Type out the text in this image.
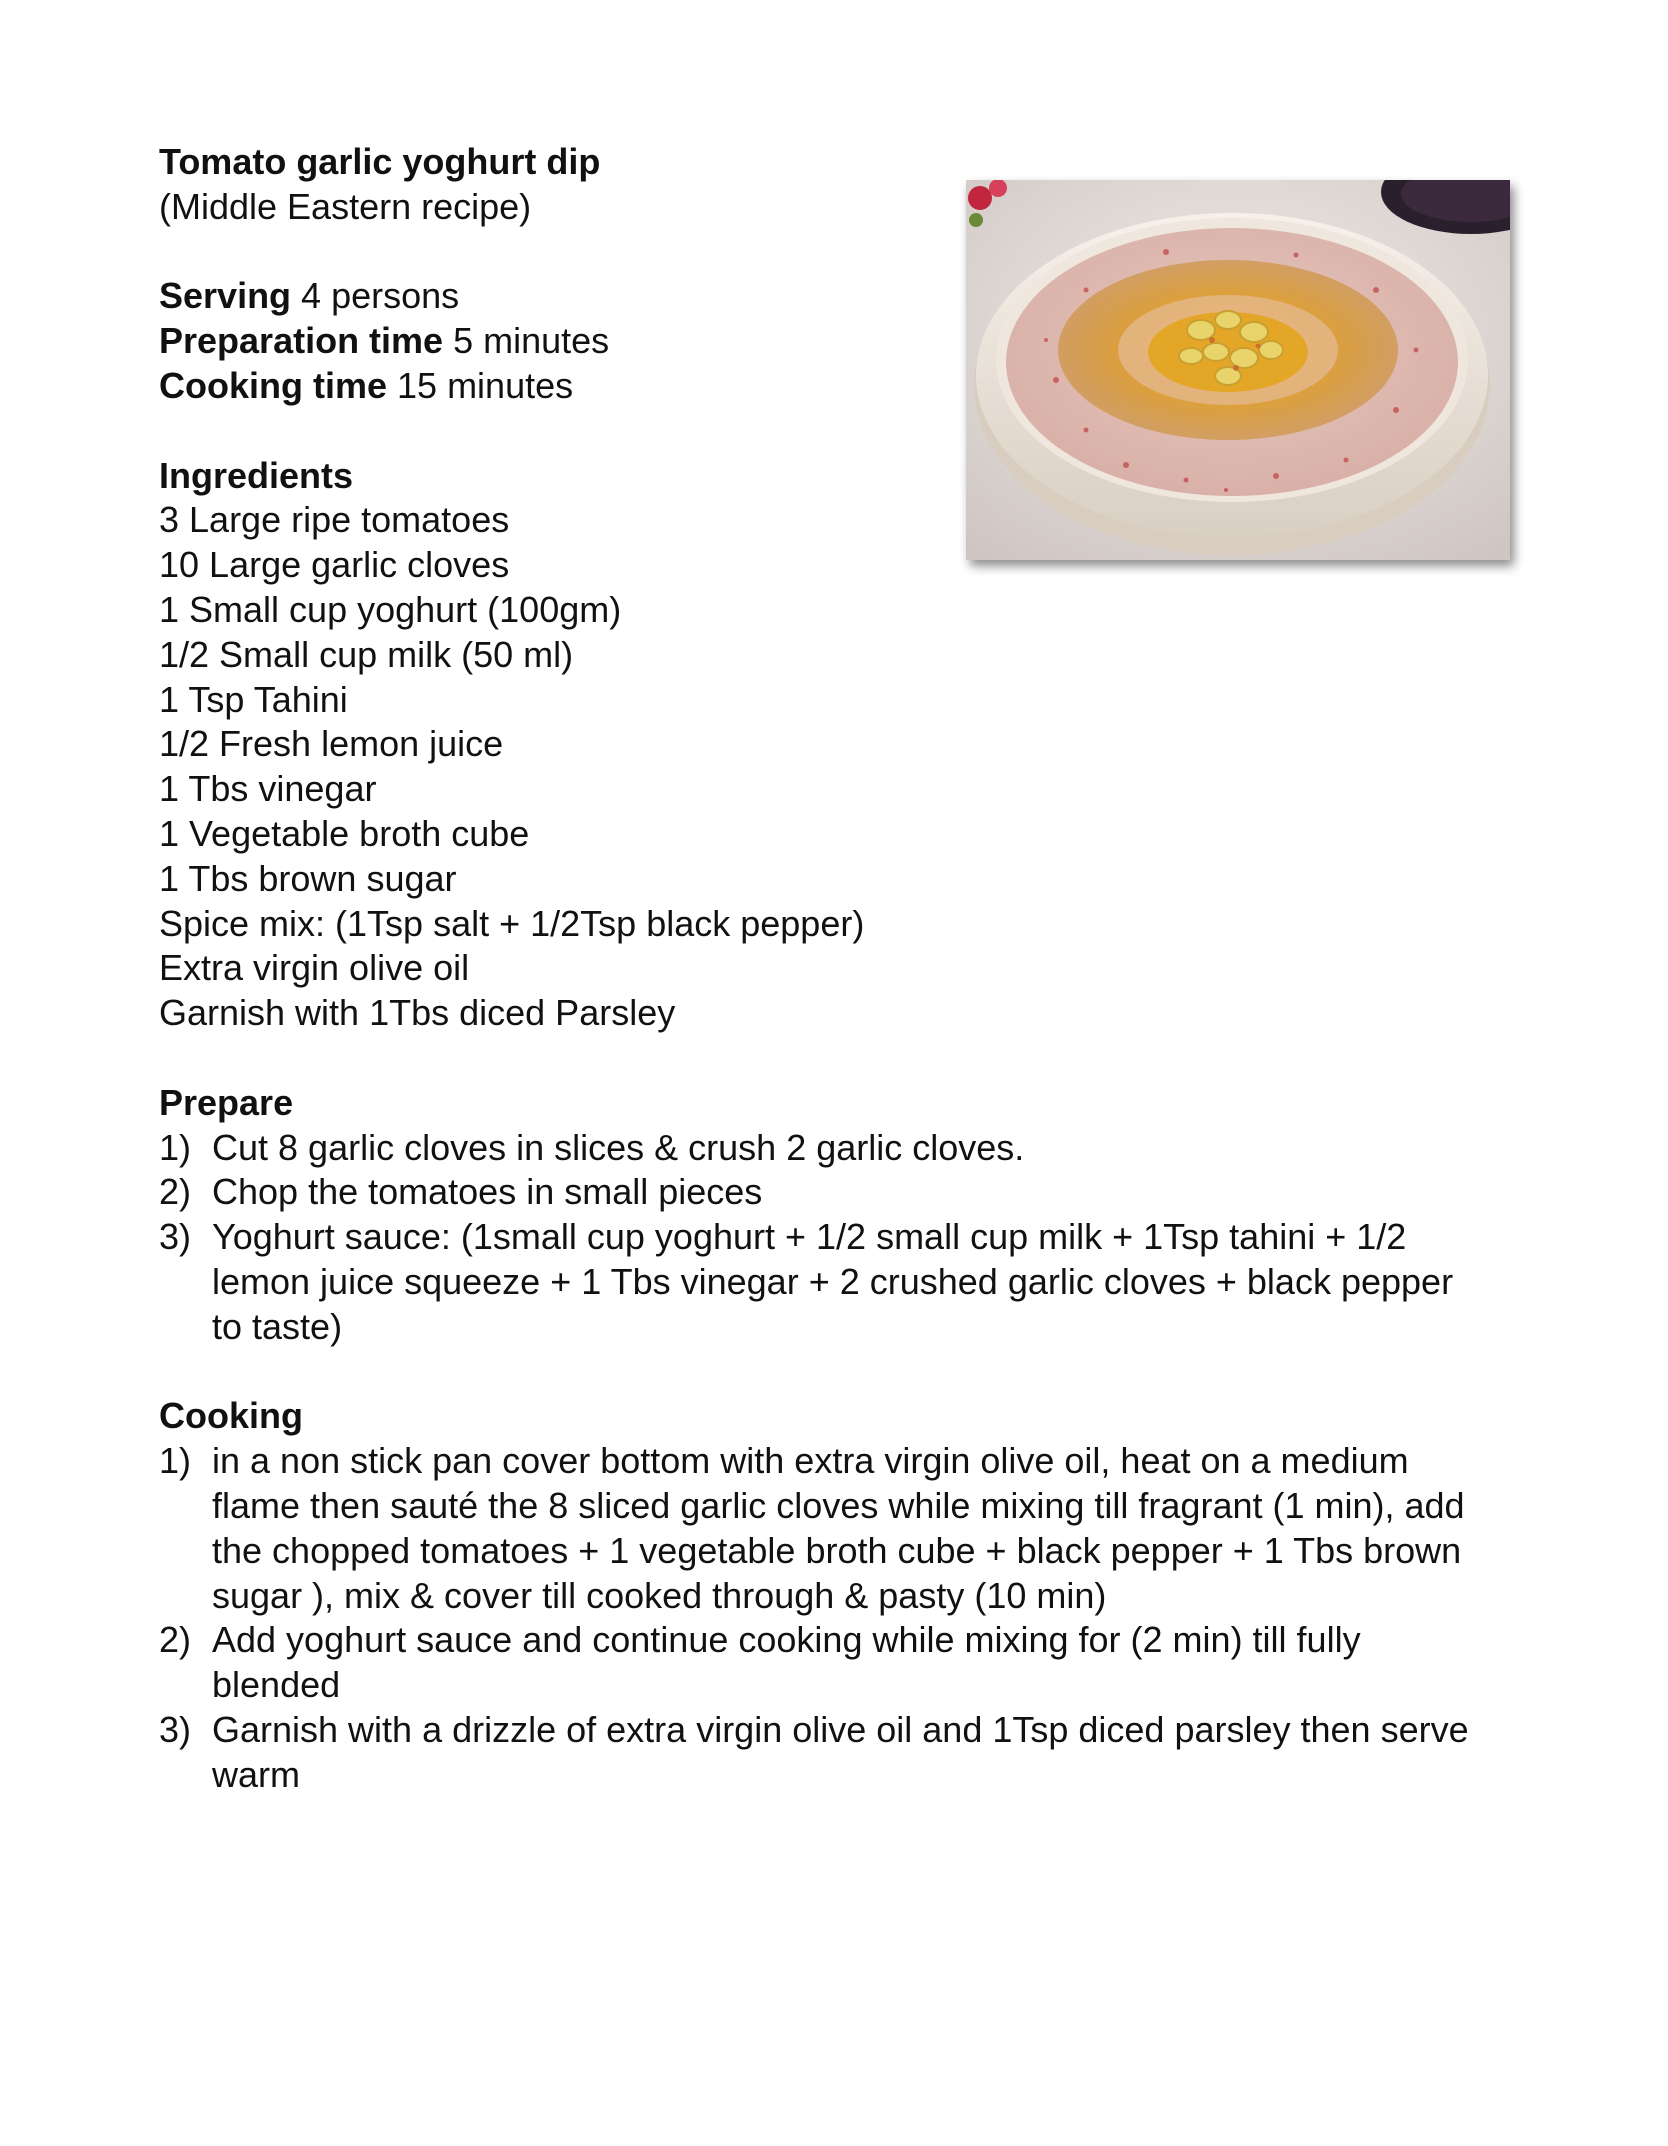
Tomato garlic yoghurt dip
(Middle Eastern recipe)
Serving 4 persons
Preparation time 5 minutes
Cooking time 15 minutes
Ingredients
3 Large ripe tomatoes
10 Large garlic cloves
1 Small cup yoghurt (100gm)
1/2 Small cup milk (50 ml)
1 Tsp Tahini
1/2 Fresh lemon juice
1 Tbs vinegar
1 Vegetable broth cube
1 Tbs brown sugar
Spice mix: (1Tsp salt + 1/2Tsp black pepper)
Extra virgin olive oil
Garnish with 1Tbs diced Parsley
Prepare
1) Cut 8 garlic cloves in slices & crush 2 garlic cloves.
2) Chop the tomatoes in small pieces
3) Yoghurt sauce: (1small cup yoghurt + 1/2 small cup milk + 1Tsp tahini + 1/2 lemon juice squeeze + 1 Tbs vinegar + 2 crushed garlic cloves + black pepper to taste)
Cooking
1) in a non stick pan cover bottom with extra virgin olive oil, heat on a medium flame then sauté the 8 sliced garlic cloves while mixing till fragrant (1 min), add the chopped tomatoes + 1 vegetable broth cube + black pepper + 1 Tbs brown sugar ), mix & cover till cooked through & pasty (10 min)
2) Add yoghurt sauce and continue cooking while mixing for (2 min) till fully blended
3) Garnish with a drizzle of extra virgin olive oil and 1Tsp diced parsley then serve warm
